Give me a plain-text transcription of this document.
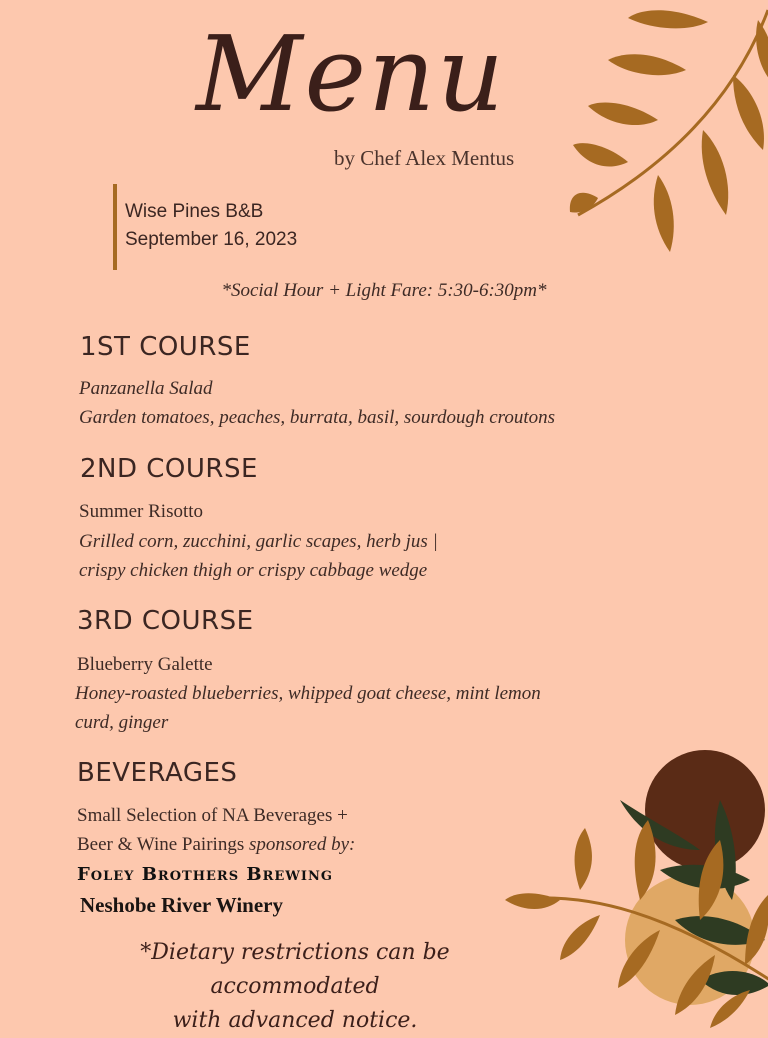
Menu
by Chef Alex Mentus
Wise Pines B&B
September 16, 2023
*Social Hour + Light Fare: 5:30-6:30pm*
1ST COURSE
Panzanella Salad
Garden tomatoes, peaches, burrata, basil, sourdough croutons
2ND COURSE
Summer Risotto
Grilled corn, zucchini, garlic scapes, herb jus |
crispy chicken thigh or crispy cabbage wedge
3RD COURSE
Blueberry Galette
Honey-roasted blueberries, whipped goat cheese, mint lemon
curd, ginger
BEVERAGES
Small Selection of NA Beverages +
Beer & Wine Pairings sponsored by:
Foley Brothers Brewing
Neshobe River Winery
*Dietary restrictions can be accommodated
with advanced notice.
